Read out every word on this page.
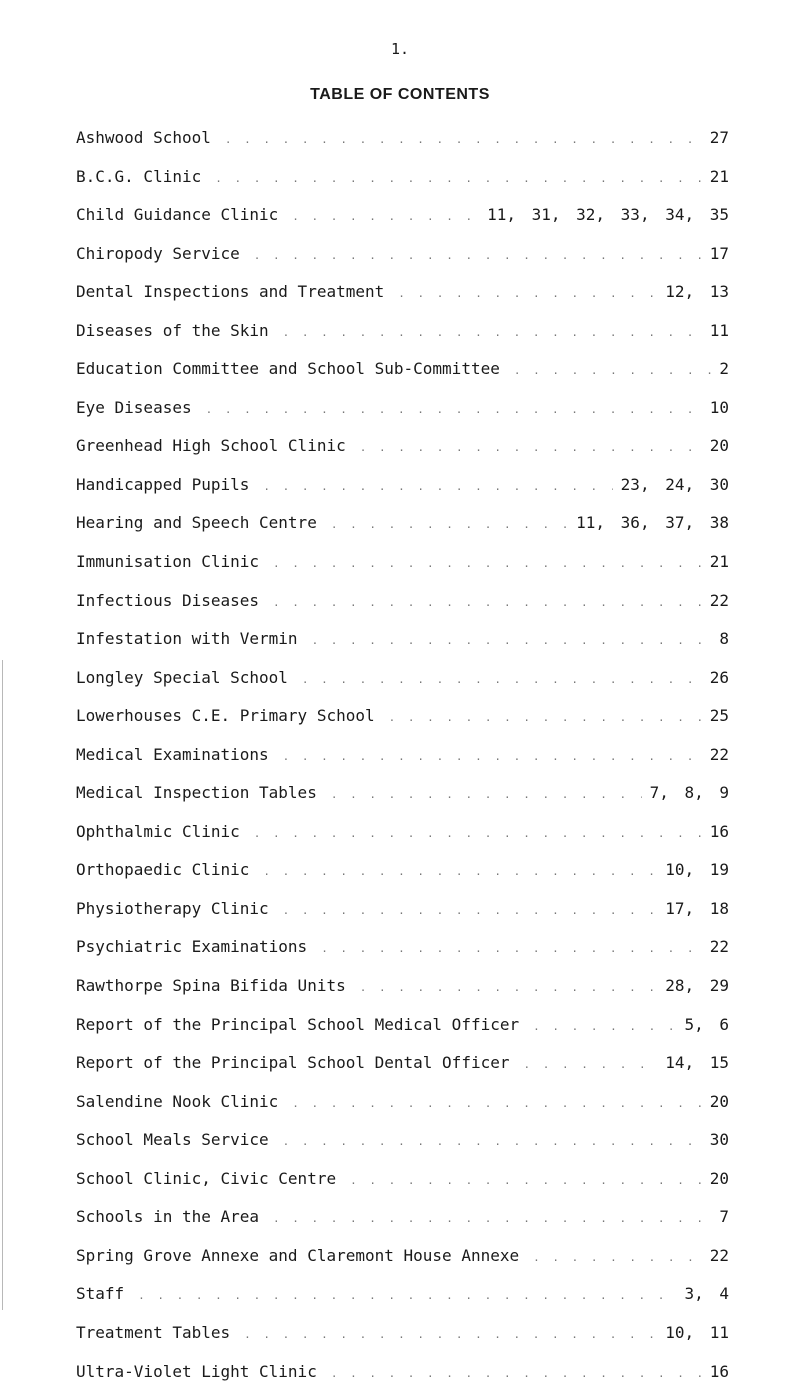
1.
TABLE OF CONTENTS
Ashwood School . . .	27
B.C.G. Clinic . . .	21
Child Guidance Clinic . . .	11, 31, 32, 33, 34, 35
Chiropody Service . . .	17
Dental Inspections and Treatment . . .	12, 13
Diseases of the Skin . . .	11
Education Committee and School Sub-Committee . . .	2
Eye Diseases . . .	10
Greenhead High School Clinic . . .	20
Handicapped Pupils . . .	23, 24, 30
Hearing and Speech Centre . . .	11, 36, 37, 38
Immunisation Clinic . . .	21
Infectious Diseases . . .	22
Infestation with Vermin . . .	8
Longley Special School . . .	26
Lowerhouses C.E. Primary School . . .	25
Medical Examinations . . .	22
Medical Inspection Tables . . .	7, 8, 9
Ophthalmic Clinic . . .	16
Orthopaedic Clinic . . .	10, 19
Physiotherapy Clinic . . .	17, 18
Psychiatric Examinations . . .	22
Rawthorpe Spina Bifida Units . . .	28, 29
Report of the Principal School Medical Officer . . .	5, 6
Report of the Principal School Dental Officer . . .	14, 15
Salendine Nook Clinic . . .	20
School Meals Service . . .	30
School Clinic, Civic Centre . . .	20
Schools in the Area . . .	7
Spring Grove Annexe and Claremont House Annexe . . .	22
Staff . . .	3, 4
Treatment Tables . . .	10, 11
Ultra-Violet Light Clinic . . .	16
